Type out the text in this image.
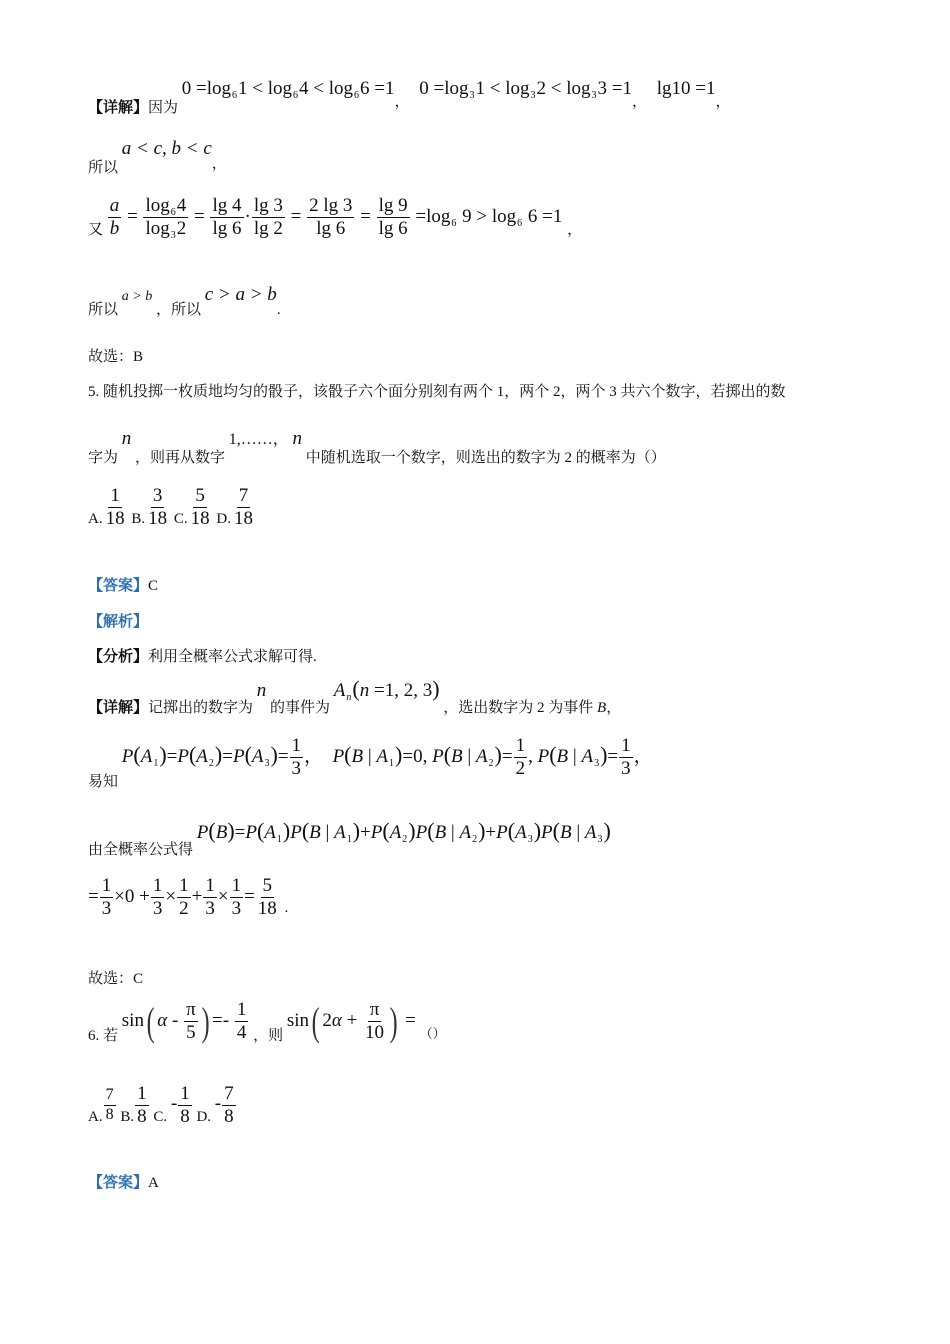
【详解】因为 $0 =\log_61 < \log_64 < \log_66 =1$， $0 =\log_31 < \log_32 < \log_33 =1$， lg10 =1，
所以 a < c, b < c，
又 $\frac{a}{b} = \frac{\log_64}{\log_32} = \frac{\lg 4}{\lg 6} \cdot \frac{\lg 3}{\lg 2} = \frac{2 \lg 3}{\lg 6} = \frac{\lg 9}{\lg 6} =\log_6$ $9 > \log_6 6 =1$ ，
所以 a > b ，所以 c > a > b.
故选：B
5. 随机投掷一枚质地均匀的骰子，该骰子六个面分别刻有两个 1，两个 2，两个 3 共六个数字，若掷出的数
字为 n ，则再从数字 1,……， n 中随机选取一个数字，则选出的数字为 2 的概率为（）
A. $\frac{1}{18} B$. $\frac{3}{18} C$. $\frac{5}{18} D$. $\frac{7}{18}$
【答案】C
【解析】
【分析】利用全概率公式求解可得.
【详解】记掷出的数字为 n 的事件为 $A_n(n =1$, 2, 3) ，选出数字为 2 为事件 B，
易知 $P(A_1)=P(A_2)=P(A_3)= \frac{1}{3}$ ，  P(B | $A_1)=0$, P(B | $A_2)= \frac{1}{2}$ , P(B | $A_3)= \frac{1}{3}$ ，
由全概率公式得 $P(B)=P(A_1)P(B$ | $A_1)+P(A_2)P(B$ | $A_2)+P(A_3)P(B$ | $A_3$)
= $\frac{1}{3} \times 0 + \frac{1}{3} \times \frac{1}{2} + \frac{1}{3} \times \frac{1}{3} = \frac{5}{18}$ .
故选：C
6. 若 sin( α - $\frac{\pi}{5}$ ) =- $\frac{1}{4}$ ，则 sin( $2\alpha + \frac{\pi}{10}$ ) = （）
A. $\frac{7}{8} B$. $\frac{1}{8} C$. - $\frac{1}{8} D$. - $\frac{7}{8}$
【答案】A
